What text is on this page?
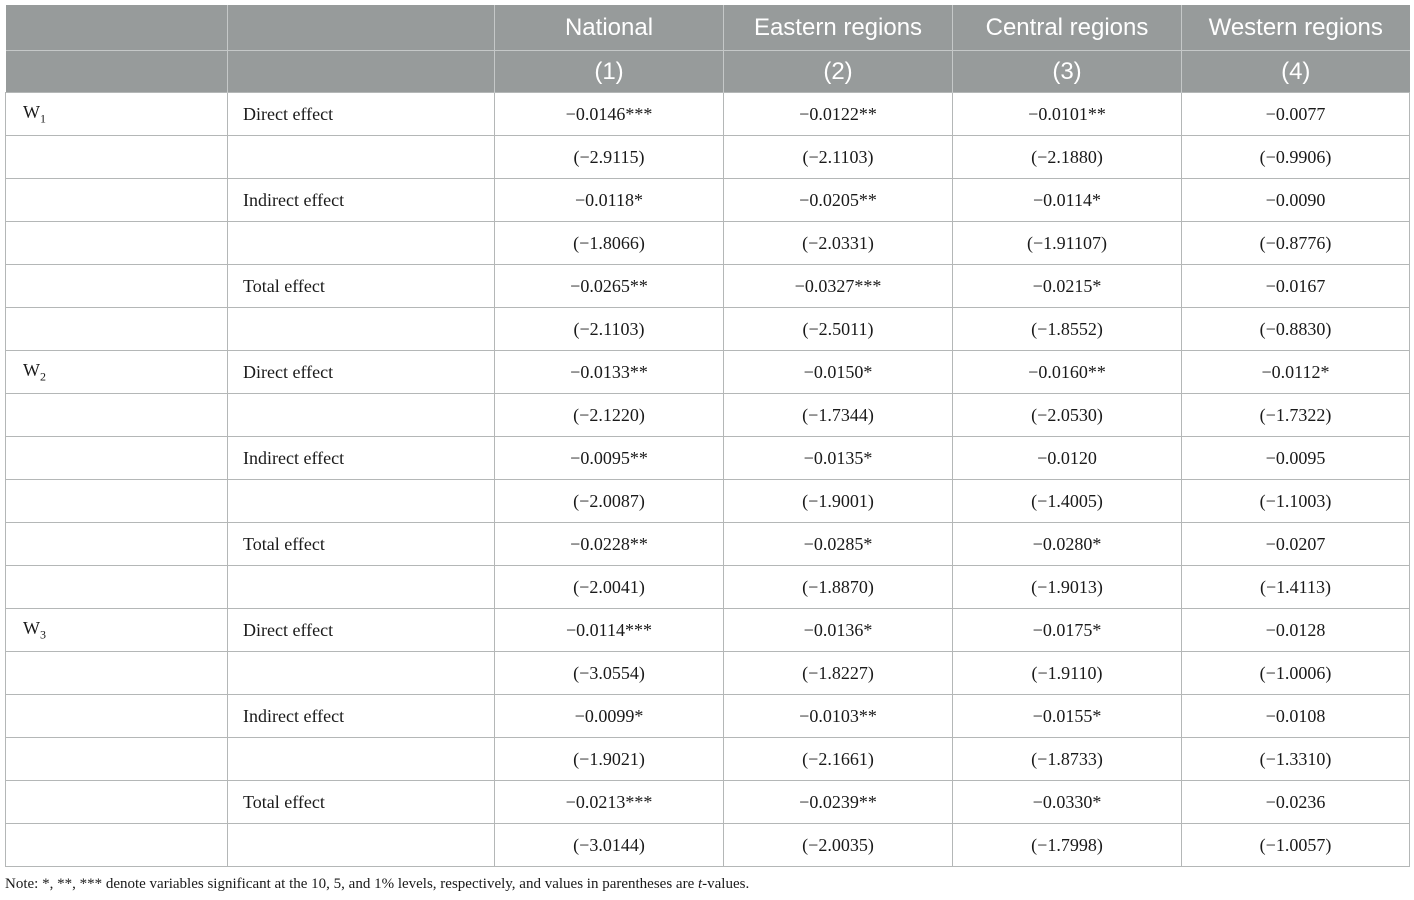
		National	Eastern regions	Central regions	Western regions
		(1)	(2)	(3)	(4)
$W_1$	Direct effect	−0.0146***	−0.0122**	−0.0101**	−0.0077
		(−2.9115)	(−2.1103)	(−2.1880)	(−0.9906)
	Indirect effect	−0.0118*	−0.0205**	−0.0114*	−0.0090
		(−1.8066)	(−2.0331)	(−1.91107)	(−0.8776)
	Total effect	−0.0265**	−0.0327***	−0.0215*	−0.0167
		(−2.1103)	(−2.5011)	(−1.8552)	(−0.8830)
$W_2$	Direct effect	−0.0133**	−0.0150*	−0.0160**	−0.0112*
		(−2.1220)	(−1.7344)	(−2.0530)	(−1.7322)
	Indirect effect	−0.0095**	−0.0135*	−0.0120	−0.0095
		(−2.0087)	(−1.9001)	(−1.4005)	(−1.1003)
	Total effect	−0.0228**	−0.0285*	−0.0280*	−0.0207
		(−2.0041)	(−1.8870)	(−1.9013)	(−1.4113)
$W_3$	Direct effect	−0.0114***	−0.0136*	−0.0175*	−0.0128
		(−3.0554)	(−1.8227)	(−1.9110)	(−1.0006)
	Indirect effect	−0.0099*	−0.0103**	−0.0155*	−0.0108
		(−1.9021)	(−2.1661)	(−1.8733)	(−1.3310)
	Total effect	−0.0213***	−0.0239**	−0.0330*	−0.0236
		(−3.0144)	(−2.0035)	(−1.7998)	(−1.0057)
Note: *, **, *** denote variables significant at the 10, 5, and 1% levels, respectively, and values in parentheses are t-values.
